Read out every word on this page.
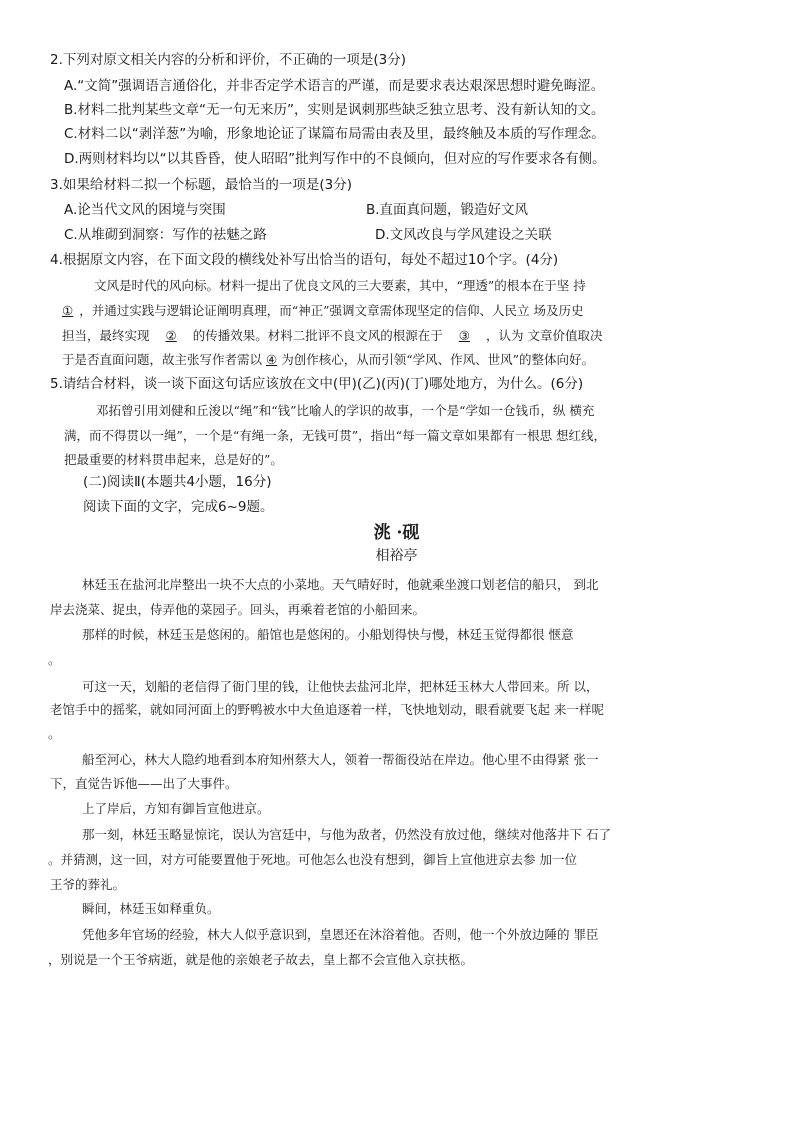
2.下列对原文相关内容的分析和评价，不正确的一项是(3分)
A.“文简”强调语言通俗化，并非否定学术语言的严谨，而是要求表达艰深思想时避免晦涩。
B.材料二批判某些文章“无一句无来历”，实则是讽刺那些缺乏独立思考、没有新认知的文。
C.材料二以“剥洋葱”为喻，形象地论证了谋篇布局需由表及里，最终触及本质的写作理念。
D.两则材料均以“以其昏昏，使人昭昭”批判写作中的不良倾向，但对应的写作要求各有侧。
3.如果给材料二拟一个标题，最恰当的一项是(3分)
A.论当代文风的困境与突围	B.直面真问题，锻造好文风
C.从堆砌到洞察：写作的祛魅之路	D.文风改良与学风建设之关联
4.根据原文内容，在下面文段的横线处补写出恰当的语句，每处不超过10个字。(4分)
文风是时代的风向标。材料一提出了优良文风的三大要素，其中，“理透”的根本在于坚 持
① ，并通过实践与逻辑论证阐明真理，而“神正”强调文章需体现坚定的信仰、人民立 场及历史
担当，最终实现 ② 的传播效果。材料二批评不良文风的根源在于 ③ ，认为 文章价值取决
于是否直面问题，故主张写作者需以 ④ 为创作核心，从而引领“学风、作风、世风”的整体向好。
5.请结合材料，谈一谈下面这句话应该放在文中(甲)(乙)(丙)(丁)哪处地方，为什么。(6分)
邓拓曾引用刘健和丘浚以“绳”和“钱”比喻人的学识的故事，一个是“学如一仓钱币，纵 横充
满，而不得贯以一绳”，一个是“有绳一条，无钱可贯”，指出“每一篇文章如果都有一根思 想红线，
把最重要的材料贯串起来，总是好的”。
(二)阅读Ⅱ(本题共4小题，16分)
阅读下面的文字，完成6~9题。
洮 ·砚
相裕亭
林廷玉在盐河北岸整出一块不大点的小菜地。天气晴好时，他就乘坐渡口划老信的船只， 到北
岸去浇菜、捉虫，侍弄他的菜园子。回头，再乘着老馆的小船回来。
那样的时候，林廷玉是悠闲的。船馆也是悠闲的。小船划得快与慢，林廷玉觉得都很 惬意
。
可这一天，划船的老信得了衙门里的钱，让他快去盐河北岸，把林廷玉林大人带回来。所 以，
老馆手中的摇桨，就如同河面上的野鸭被水中大鱼追逐着一样，飞快地划动，眼看就要飞起 来一样呢
。
船至河心，林大人隐约地看到本府知州蔡大人，领着一帮衙役站在岸边。他心里不由得紧 张一
下，直觉告诉他——出了大事件。
上了岸后，方知有御旨宣他进京。
那一刻，林廷玉略显惊诧，误认为宫廷中，与他为敌者，仍然没有放过他，继续对他落井下 石了
。并猜测，这一回，对方可能要置他于死地。可他怎么也没有想到，御旨上宣他进京去参 加一位
王爷的葬礼。
瞬间，林廷玉如释重负。
凭他多年官场的经验，林大人似乎意识到，皇恩还在沐浴着他。否则，他一个外放边陲的 罪臣
，别说是一个王爷病逝，就是他的亲娘老子故去，皇上都不会宣他入京扶柩。
